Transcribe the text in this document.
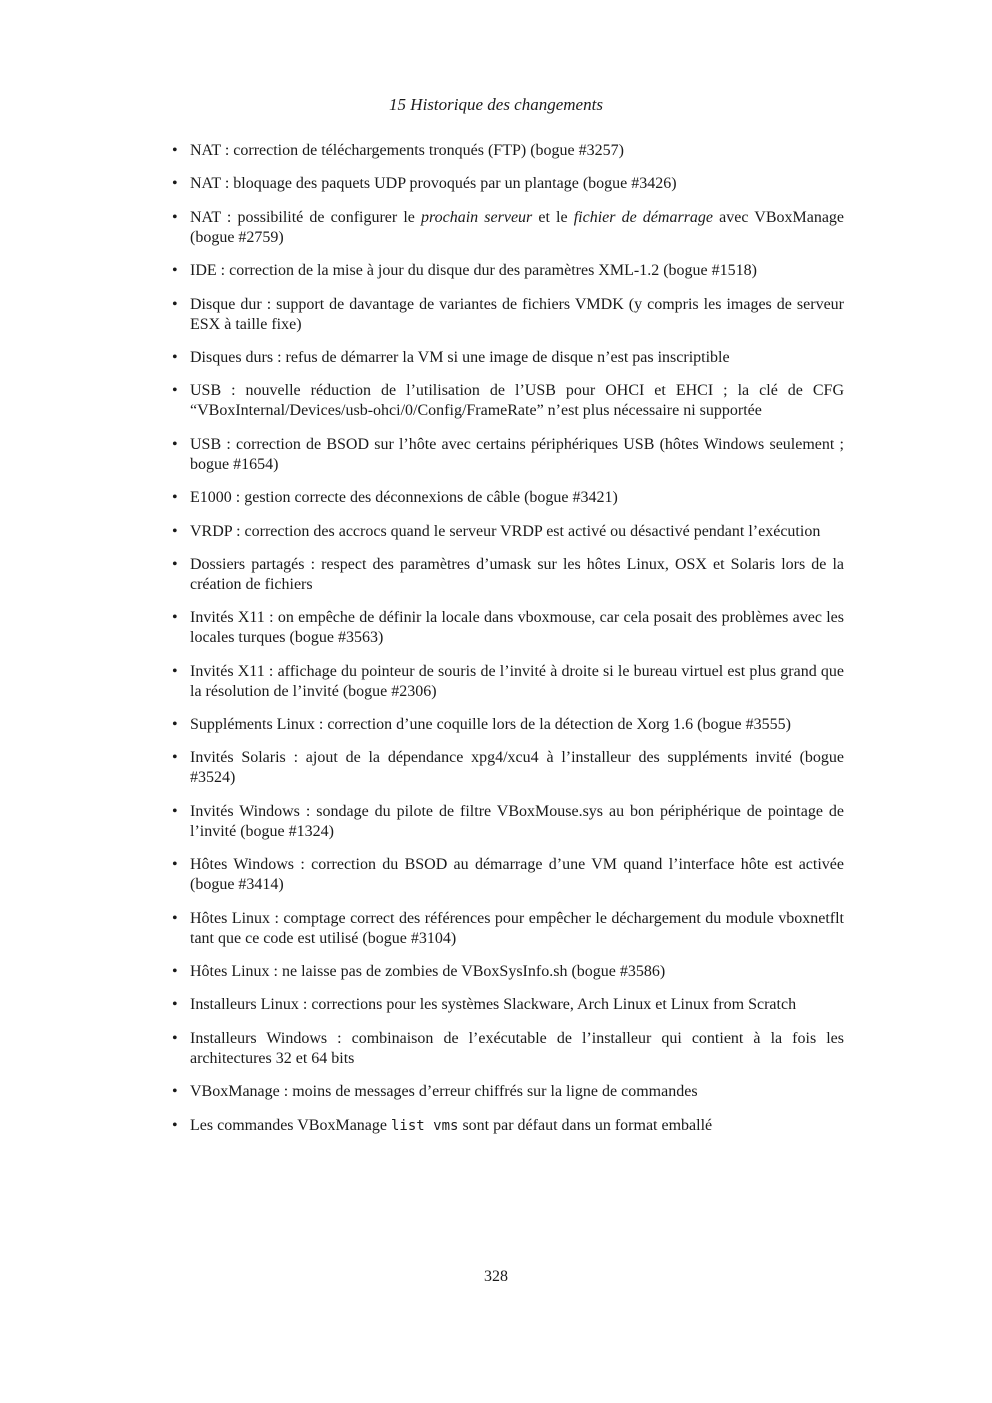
15 Historique des changements
• NAT : correction de téléchargements tronqués (FTP) (bogue #3257)
• NAT : bloquage des paquets UDP provoqués par un plantage (bogue #3426)
• NAT : possibilité de configurer le prochain serveur et le fichier de démarrage avec VBoxManage (bogue #2759)
• IDE : correction de la mise à jour du disque dur des paramètres XML-1.2 (bogue #1518)
• Disque dur : support de davantage de variantes de fichiers VMDK (y compris les images de serveur ESX à taille fixe)
• Disques durs : refus de démarrer la VM si une image de disque n’est pas inscriptible
• USB : nouvelle réduction de l’utilisation de l’USB pour OHCI et EHCI ; la clé de CFG “VBoxInternal/Devices/usb-ohci/0/Config/FrameRate” n’est plus nécessaire ni supportée
• USB : correction de BSOD sur l’hôte avec certains périphériques USB (hôtes Windows seulement ; bogue #1654)
• E1000 : gestion correcte des déconnexions de câble (bogue #3421)
• VRDP : correction des accrocs quand le serveur VRDP est activé ou désactivé pendant l’exécution
• Dossiers partagés : respect des paramètres d’umask sur les hôtes Linux, OSX et Solaris lors de la création de fichiers
• Invités X11 : on empêche de définir la locale dans vboxmouse, car cela posait des problèmes avec les locales turques (bogue #3563)
• Invités X11 : affichage du pointeur de souris de l’invité à droite si le bureau virtuel est plus grand que la résolution de l’invité (bogue #2306)
• Suppléments Linux : correction d’une coquille lors de la détection de Xorg 1.6 (bogue #3555)
• Invités Solaris : ajout de la dépendance xpg4/xcu4 à l’installeur des suppléments invité (bogue #3524)
• Invités Windows : sondage du pilote de filtre VBoxMouse.sys au bon périphérique de pointage de l’invité (bogue #1324)
• Hôtes Windows : correction du BSOD au démarrage d’une VM quand l’interface hôte est activée (bogue #3414)
• Hôtes Linux : comptage correct des références pour empêcher le déchargement du module vboxnetflt tant que ce code est utilisé (bogue #3104)
• Hôtes Linux : ne laisse pas de zombies de VBoxSysInfo.sh (bogue #3586)
• Installeurs Linux : corrections pour les systèmes Slackware, Arch Linux et Linux from Scratch
• Installeurs Windows : combinaison de l’exécutable de l’installeur qui contient à la fois les architectures 32 et 64 bits
• VBoxManage : moins de messages d’erreur chiffrés sur la ligne de commandes
• Les commandes VBoxManage list vms sont par défaut dans un format emballé
328
